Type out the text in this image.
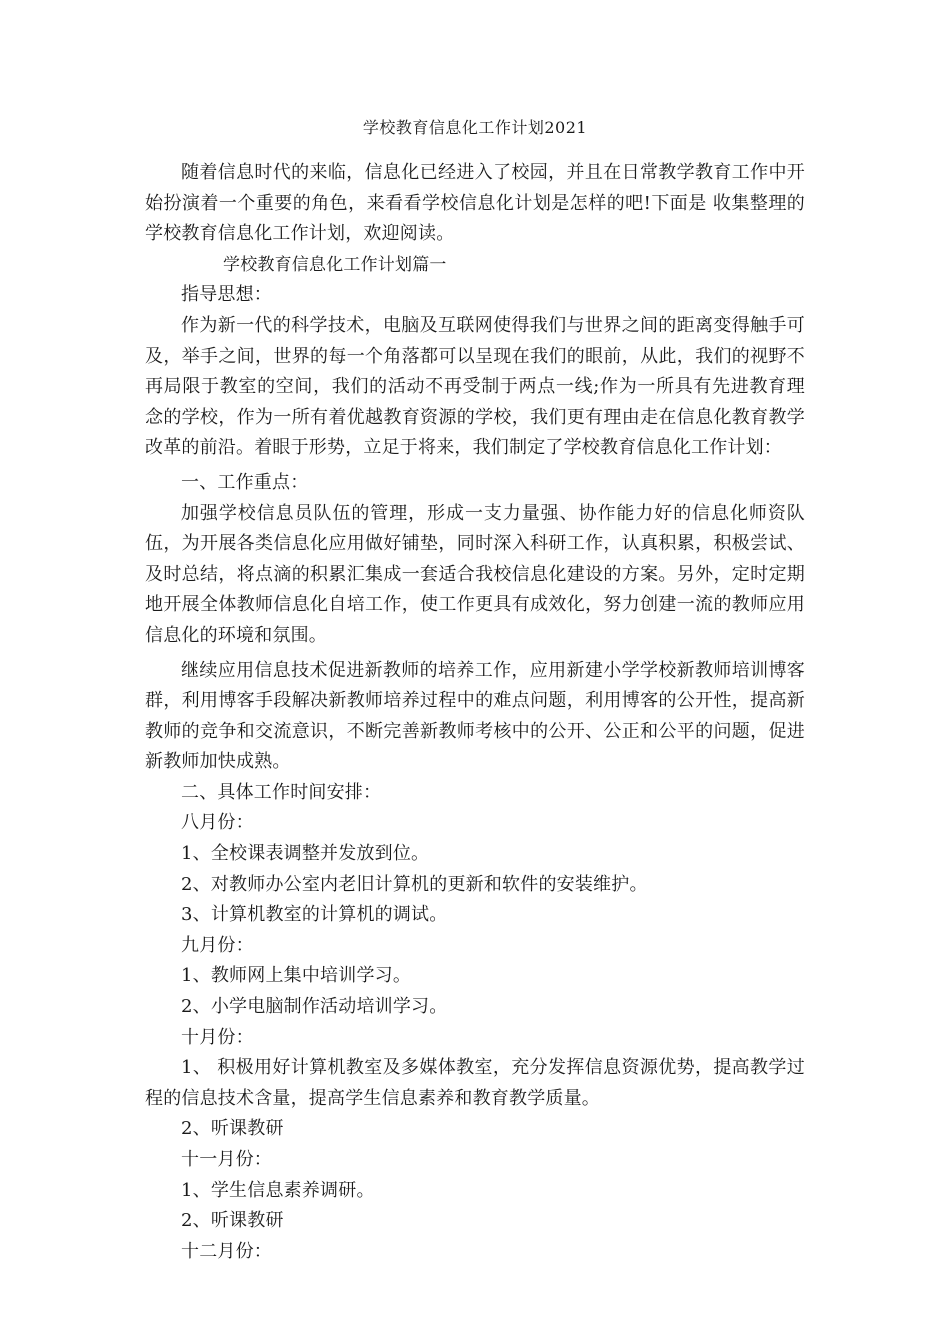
学校教育信息化工作计划2021

随着信息时代的来临，信息化已经进入了校园，并且在日常教学教育工作中开始扮演着一个重要的角色，来看看学校信息化计划是怎样的吧!下面是 收集整理的学校教育信息化工作计划，欢迎阅读。

学校教育信息化工作计划篇一

指导思想：

作为新一代的科学技术，电脑及互联网使得我们与世界之间的距离变得触手可及，举手之间，世界的每一个角落都可以呈现在我们的眼前，从此，我们的视野不再局限于教室的空间，我们的活动不再受制于两点一线;作为一所具有先进教育理念的学校，作为一所有着优越教育资源的学校，我们更有理由走在信息化教育教学改革的前沿。着眼于形势，立足于将来，我们制定了学校教育信息化工作计划：

一、工作重点：

加强学校信息员队伍的管理，形成一支力量强、协作能力好的信息化师资队伍，为开展各类信息化应用做好铺垫，同时深入科研工作，认真积累，积极尝试、及时总结，将点滴的积累汇集成一套适合我校信息化建设的方案。另外，定时定期地开展全体教师信息化自培工作，使工作更具有成效化，努力创建一流的教师应用信息化的环境和氛围。

继续应用信息技术促进新教师的培养工作，应用新建小学学校新教师培训博客群，利用博客手段解决新教师培养过程中的难点问题，利用博客的公开性，提高新教师的竞争和交流意识，不断完善新教师考核中的公开、公正和公平的问题，促进新教师加快成熟。

二、具体工作时间安排：

八月份：

1、全校课表调整并发放到位。

2、对教师办公室内老旧计算机的更新和软件的安装维护。

3、计算机教室的计算机的调试。

九月份：

1、教师网上集中培训学习。

2、小学电脑制作活动培训学习。

十月份：

1、 积极用好计算机教室及多媒体教室，充分发挥信息资源优势，提高教学过程的信息技术含量，提高学生信息素养和教育教学质量。

2、听课教研

十一月份：

1、学生信息素养调研。

2、听课教研

十二月份：
